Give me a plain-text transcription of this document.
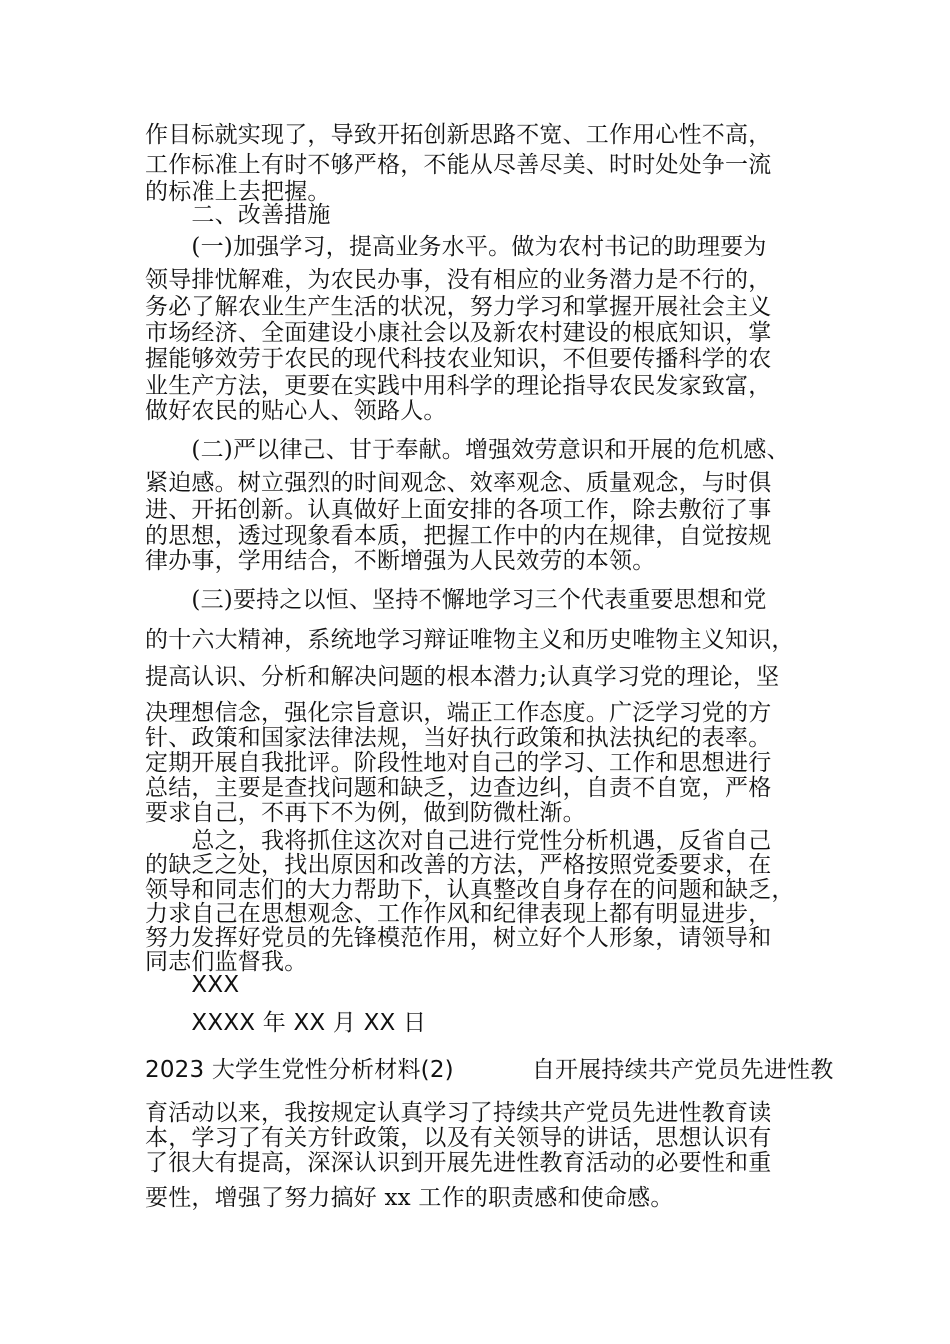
作目标就实现了，导致开拓创新思路不宽、工作用心性不高，
工作标准上有时不够严格，不能从尽善尽美、时时处处争一流
的标准上去把握。
　　二、改善措施
　　(一)加强学习，提高业务水平。做为农村书记的助理要为
领导排忧解难，为农民办事，没有相应的业务潜力是不行的，
务必了解农业生产生活的状况，努力学习和掌握开展社会主义
市场经济、全面建设小康社会以及新农村建设的根底知识，掌
握能够效劳于农民的现代科技农业知识，不但要传播科学的农
业生产方法，更要在实践中用科学的理论指导农民发家致富，
做好农民的贴心人、领路人。
　　(二)严以律己、甘于奉献。增强效劳意识和开展的危机感、
紧迫感。树立强烈的时间观念、效率观念、质量观念，与时俱
进、开拓创新。认真做好上面安排的各项工作，除去敷衍了事
的思想，透过现象看本质，把握工作中的内在规律，自觉按规
律办事，学用结合，不断增强为人民效劳的本领。
　　(三)要持之以恒、坚持不懈地学习三个代表重要思想和党
的十六大精神，系统地学习辩证唯物主义和历史唯物主义知识，
提高认识、分析和解决问题的根本潜力;认真学习党的理论，坚
决理想信念，强化宗旨意识，端正工作态度。广泛学习党的方
针、政策和国家法律法规，当好执行政策和执法执纪的表率。
定期开展自我批评。阶段性地对自己的学习、工作和思想进行
总结，主要是查找问题和缺乏，边查边纠，自责不自宽，严格
要求自己，不再下不为例，做到防微杜渐。
　　总之，我将抓住这次对自己进行党性分析机遇，反省自己
的缺乏之处，找出原因和改善的方法，严格按照党委要求，在
领导和同志们的大力帮助下，认真整改自身存在的问题和缺乏，
力求自己在思想观念、工作作风和纪律表现上都有明显进步，
努力发挥好党员的先锋模范作用，树立好个人形象，请领导和
同志们监督我。
　　XXX
　　XXXX 年 XX 月 XX 日
2023 大学生党性分析材料(2)	自开展持续共产党员先进性教
育活动以来，我按规定认真学习了持续共产党员先进性教育读
本，学习了有关方针政策，以及有关领导的讲话，思想认识有
了很大有提高，深深认识到开展先进性教育活动的必要性和重
要性，增强了努力搞好 xx 工作的职责感和使命感。
